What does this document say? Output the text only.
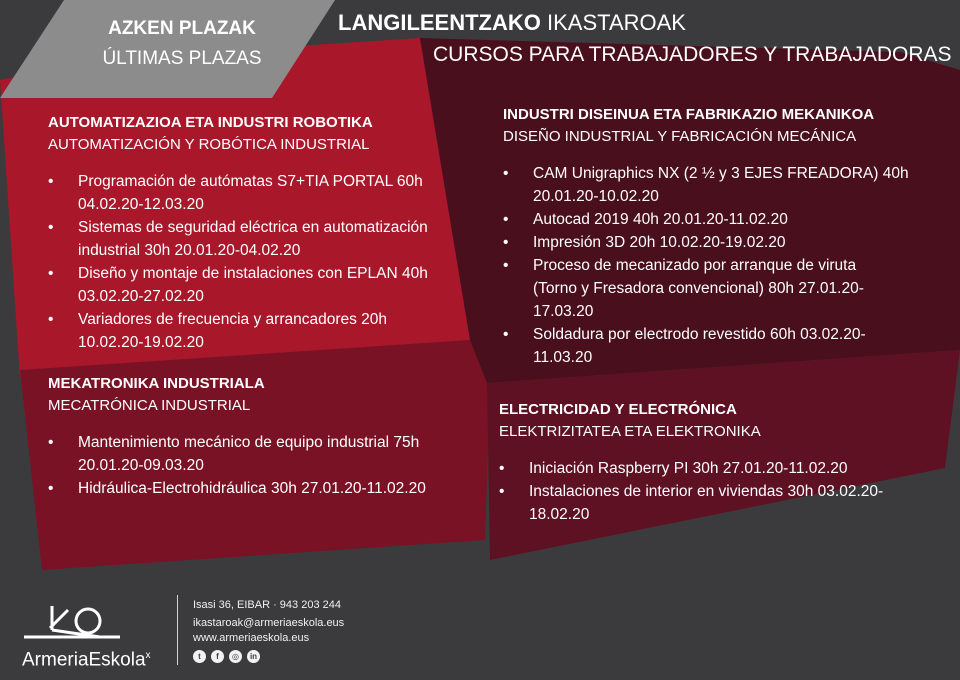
AZKEN PLAZAK
ÚLTIMAS PLAZAS
LANGILEENTZAKO IKASTAROAK
CURSOS PARA TRABAJADORES Y TRABAJADORAS
AUTOMATIZAZIOA ETA INDUSTRI ROBOTIKA
AUTOMATIZACIÓN Y ROBÓTICA INDUSTRIAL
• Programación de autómatas S7+TIA PORTAL 60h
04.02.20-12.03.20
• Sistemas de seguridad eléctrica en automatización
industrial 30h 20.01.20-04.02.20
• Diseño y montaje de instalaciones con EPLAN 40h
03.02.20-27.02.20
• Variadores de frecuencia y arrancadores 20h
10.02.20-19.02.20
MEKATRONIKA INDUSTRIALA
MECATRÓNICA INDUSTRIAL
• Mantenimiento mecánico de equipo industrial 75h
20.01.20-09.03.20
• Hidráulica-Electrohidráulica 30h 27.01.20-11.02.20
INDUSTRI DISEINUA ETA FABRIKAZIO MEKANIKOA
DISEÑO INDUSTRIAL Y FABRICACIÓN MECÁNICA
• CAM Unigraphics NX (2 ½ y 3 EJES FREADORA) 40h
20.01.20-10.02.20
• Autocad 2019 40h 20.01.20-11.02.20
• Impresión 3D 20h 10.02.20-19.02.20
• Proceso de mecanizado por arranque de viruta
(Torno y Fresadora convencional) 80h 27.01.20-
17.03.20
• Soldadura por electrodo revestido 60h 03.02.20-
11.03.20
ELECTRICIDAD Y ELECTRÓNICA
ELEKTRIZITATEA ETA ELEKTRONIKA
• Iniciación Raspberry PI 30h 27.01.20-11.02.20
• Instalaciones de interior en viviendas 30h 03.02.20-
18.02.20
ArmeriaEskola$^x$
Isasi 36, EIBAR · 943 203 244
ikastaroak@armeriaeskola.eus
www.armeriaeskola.eus
t	f	◎	in
